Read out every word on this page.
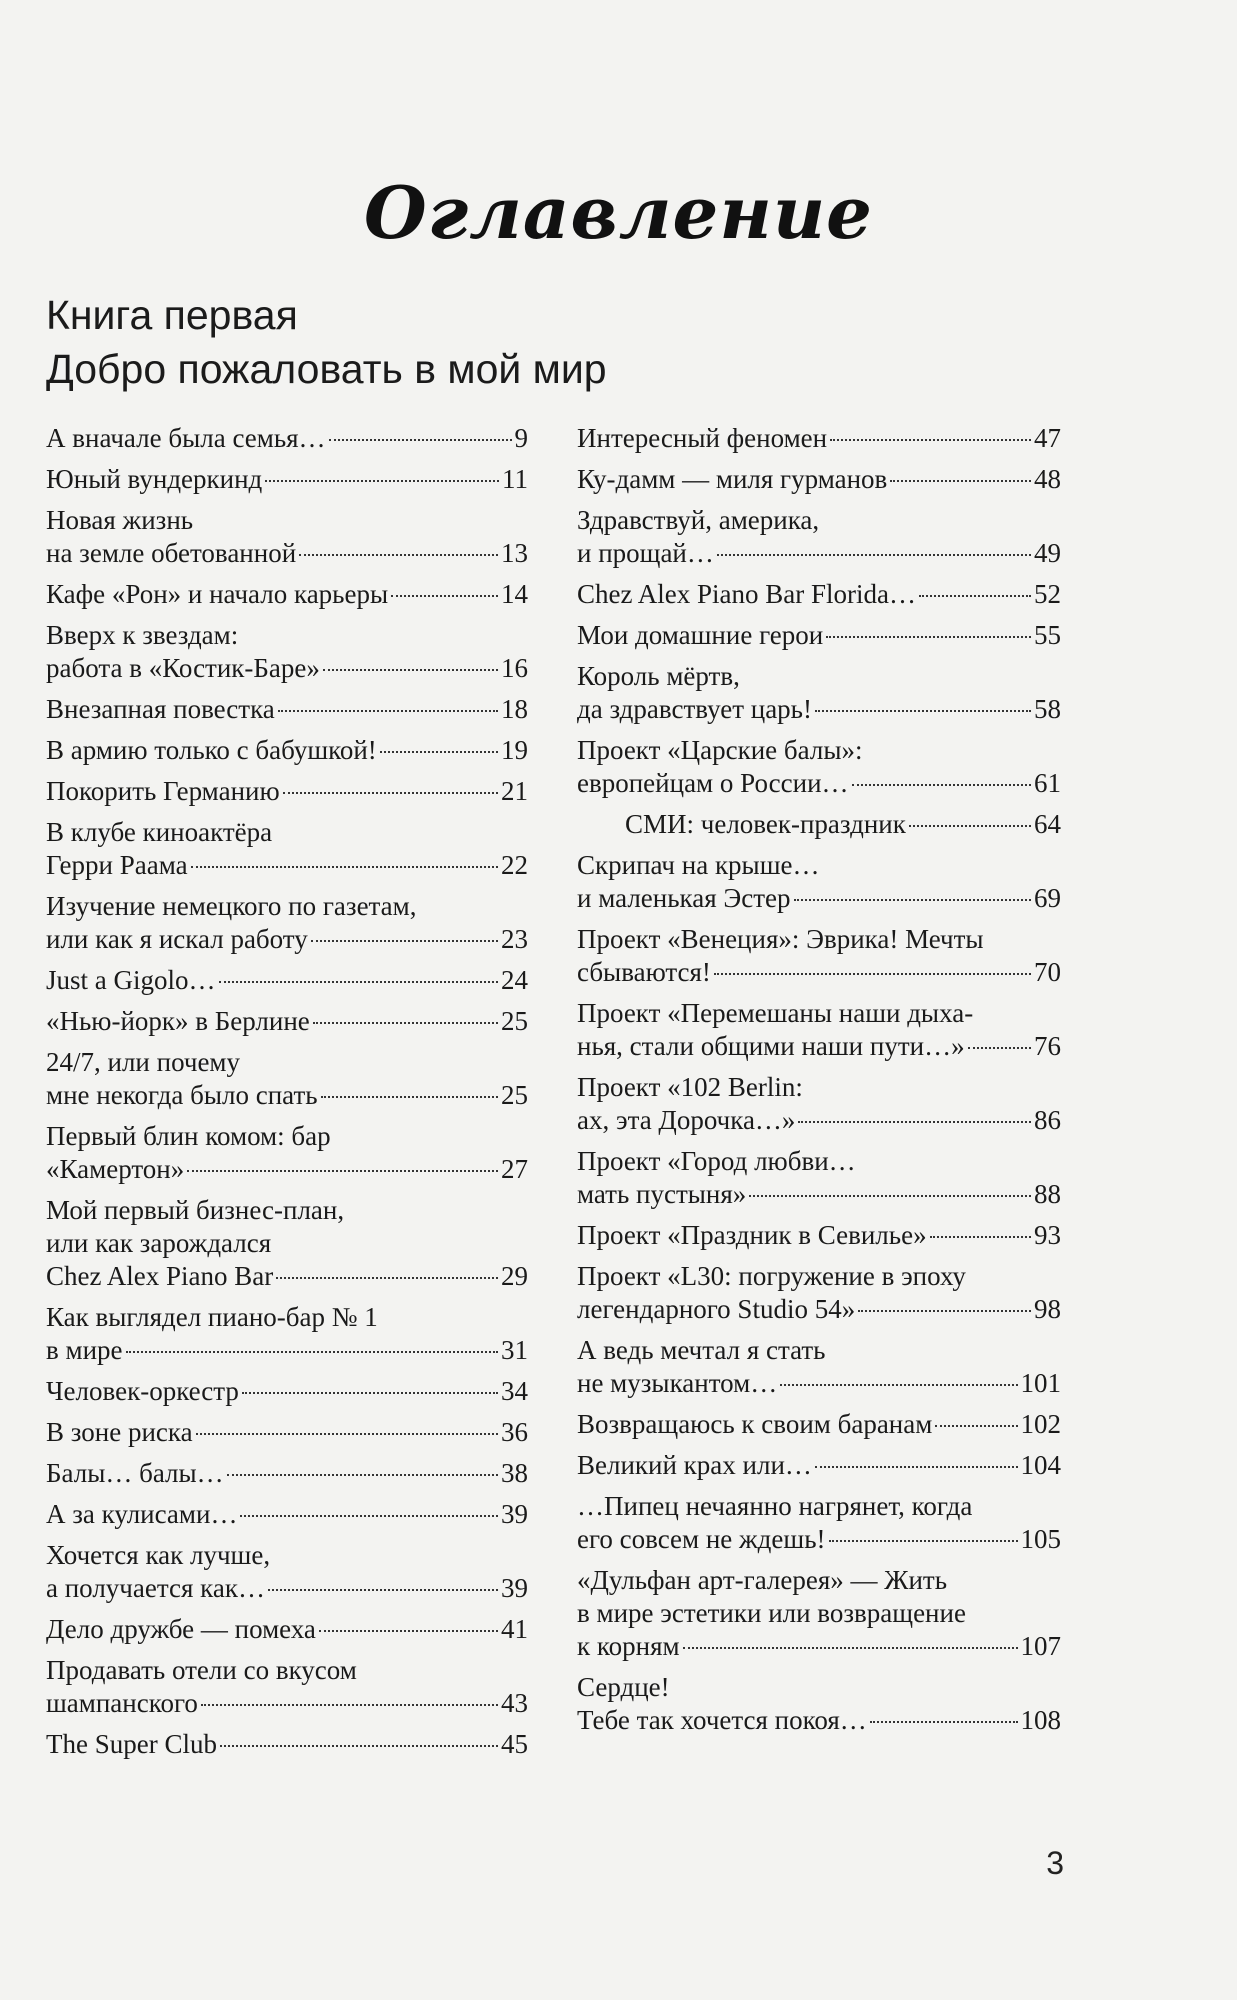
Оглавление
Книга первая
Добро пожаловать в мой мир
А вначале была семья…	9
Юный вундеркинд	11
Новая жизнь
на земле обетованной	13
Кафе «Рон» и начало карьеры	14
Вверх к звездам:
работа в «Костик-Баре»	16
Внезапная повестка	18
В армию только с бабушкой!	19
Покорить Германию	21
В клубе киноактёра
Герри Раама	22
Изучение немецкого по газетам,
или как я искал работу	23
Just a Gigolo…	24
«Нью-йорк» в Берлине	25
24/7, или почему
мне некогда было спать	25
Первый блин комом: бар
«Камертон»	27
Мой первый бизнес-план,
или как зарождался
Chez Alex Piano Bar	29
Как выглядел пиано-бар № 1
в мире	31
Человек-оркестр	34
В зоне риска	36
Балы… балы…	38
А за кулисами…	39
Хочется как лучше,
а получается как…	39
Дело дружбе — помеха	41
Продавать отели со вкусом
шампанского	43
The Super Club	45
Интересный феномен	47
Ку-дамм — миля гурманов	48
Здравствуй, америка,
и прощай…	49
Chez Alex Piano Bar Florida…	52
Мои домашние герои	55
Король мёртв,
да здравствует царь!	58
Проект «Царские балы»:
европейцам о России…	61
СМИ: человек-праздник	64
Скрипач на крыше…
и маленькая Эстер	69
Проект «Венеция»: Эврика! Мечты
сбываются!	70
Проект «Перемешаны наши дыха-
нья, стали общими наши пути…»	76
Проект «102 Berlin:
ах, эта Дорочка…»	86
Проект «Город любви…
мать пустыня»	88
Проект «Праздник в Севилье»	93
Проект «L30: погружение в эпоху
легендарного Studio 54»	98
А ведь мечтал я стать
не музыкантом…	101
Возвращаюсь к своим баранам	102
Великий крах или…	104
…Пипец нечаянно нагрянет, когда
его совсем не ждешь!	105
«Дульфан арт-галерея» — Жить
в мире эстетики или возвращение
к корням	107
Сердце!
Тебе так хочется покоя…	108
3
